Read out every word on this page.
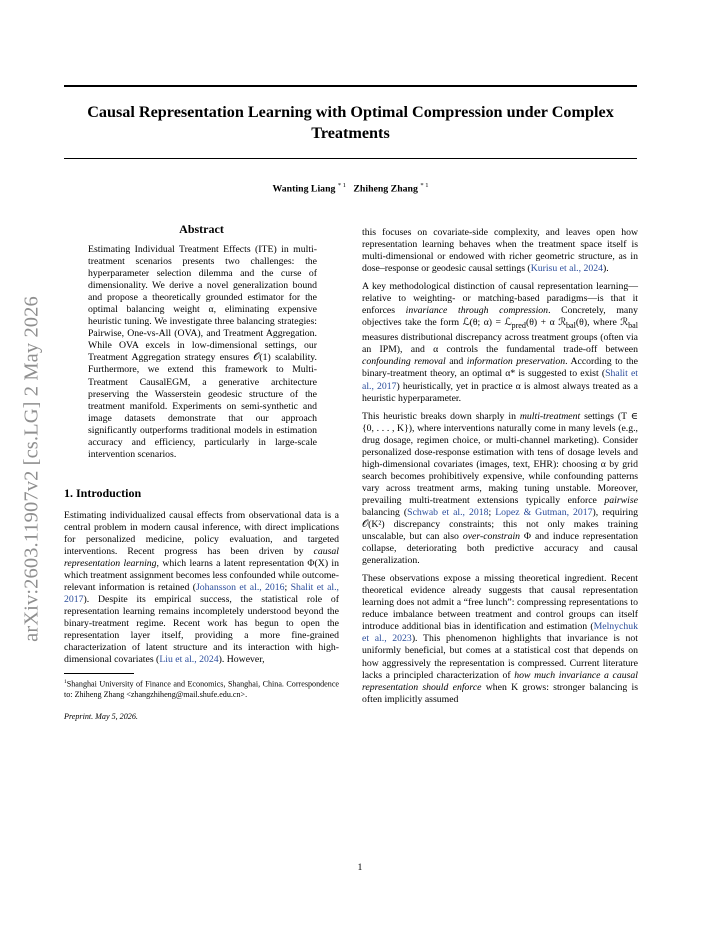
Causal Representation Learning with Optimal Compression under Complex Treatments
Wanting Liang $^{* 1}$ Zhiheng Zhang $^{* 1}$
arXiv:2603.11907v2 [cs.LG] 2 May 2026
Abstract
Estimating Individual Treatment Effects (ITE) in multi-treatment scenarios presents two challenges: the hyperparameter selection dilemma and the curse of dimensionality. We derive a novel generalization bound and propose a theoretically grounded estimator for the optimal balancing weight α, eliminating expensive heuristic tuning. We investigate three balancing strategies: Pairwise, One-vs-All (OVA), and Treatment Aggregation. While OVA excels in low-dimensional settings, our Treatment Aggregation strategy ensures 𝒪(1) scalability. Furthermore, we extend this framework to Multi-Treatment CausalEGM, a generative architecture preserving the Wasserstein geodesic structure of the treatment manifold. Experiments on semi-synthetic and image datasets demonstrate that our approach significantly outperforms traditional models in estimation accuracy and efficiency, particularly in large-scale intervention scenarios.
1. Introduction

Estimating individualized causal effects from observational data is a central problem in modern causal inference, with direct implications for personalized medicine, policy evaluation, and targeted interventions. Recent progress has been driven by causal representation learning, which learns a latent representation Φ(X) in which treatment assignment becomes less confounded while outcome-relevant information is retained (Johansson et al., 2016; Shalit et al., 2017). Despite its empirical success, the statistical role of representation learning remains incompletely understood beyond the binary-treatment regime. Recent work has begun to open the representation layer itself, providing a more fine-grained characterization of latent structure and its interaction with high-dimensional covariates (Liu et al., 2024). However,

$^1$Shanghai University of Finance and Economics, Shanghai, China. Correspondence to: Zhiheng Zhang <zhangzhiheng@mail.shufe.edu.cn>.
Preprint. May 5, 2026.

this focuses on covariate-side complexity, and leaves open how representation learning behaves when the treatment space itself is multi-dimensional or endowed with richer geometric structure, as in dose–response or geodesic causal settings (Kurisu et al., 2024).

A key methodological distinction of causal representation learning—relative to weighting- or matching-based paradigms—is that it enforces invariance through compression. Concretely, many objectives take the form ℒ(θ; α) = ℒ$_{pred}$(θ) + α ℛ$_{bal}$(θ), where ℛ$_{bal}$ measures distributional discrepancy across treatment groups (often via an IPM), and α controls the fundamental trade-off between confounding removal and information preservation. According to the binary-treatment theory, an optimal α* is suggested to exist (Shalit et al., 2017) heuristically, yet in practice α is almost always treated as a heuristic hyperparameter.

This heuristic breaks down sharply in multi-treatment settings (T ∈ {0, . . . , K}), where interventions naturally come in many levels (e.g., drug dosage, regimen choice, or multi-channel marketing). Consider personalized dose-response estimation with tens of dosage levels and high-dimensional covariates (images, text, EHR): choosing α by grid search becomes prohibitively expensive, while confounding patterns vary across treatment arms, making tuning unstable. Moreover, prevailing multi-treatment extensions typically enforce pairwise balancing (Schwab et al., 2018; Lopez & Gutman, 2017), requiring 𝒪(K²) discrepancy constraints; this not only makes training unscalable, but can also over-constrain Φ and induce representation collapse, deteriorating both predictive accuracy and causal generalization.

These observations expose a missing theoretical ingredient. Recent theoretical evidence already suggests that causal representation learning does not admit a “free lunch”: compressing representations to reduce imbalance between treatment and control groups can itself introduce additional bias in identification and estimation (Melnychuk et al., 2023). This phenomenon highlights that invariance is not uniformly beneficial, but comes at a statistical cost that depends on how aggressively the representation is compressed. Current literature lacks a principled characterization of how much invariance a causal representation should enforce when K grows: stronger balancing is often implicitly assumed

1
